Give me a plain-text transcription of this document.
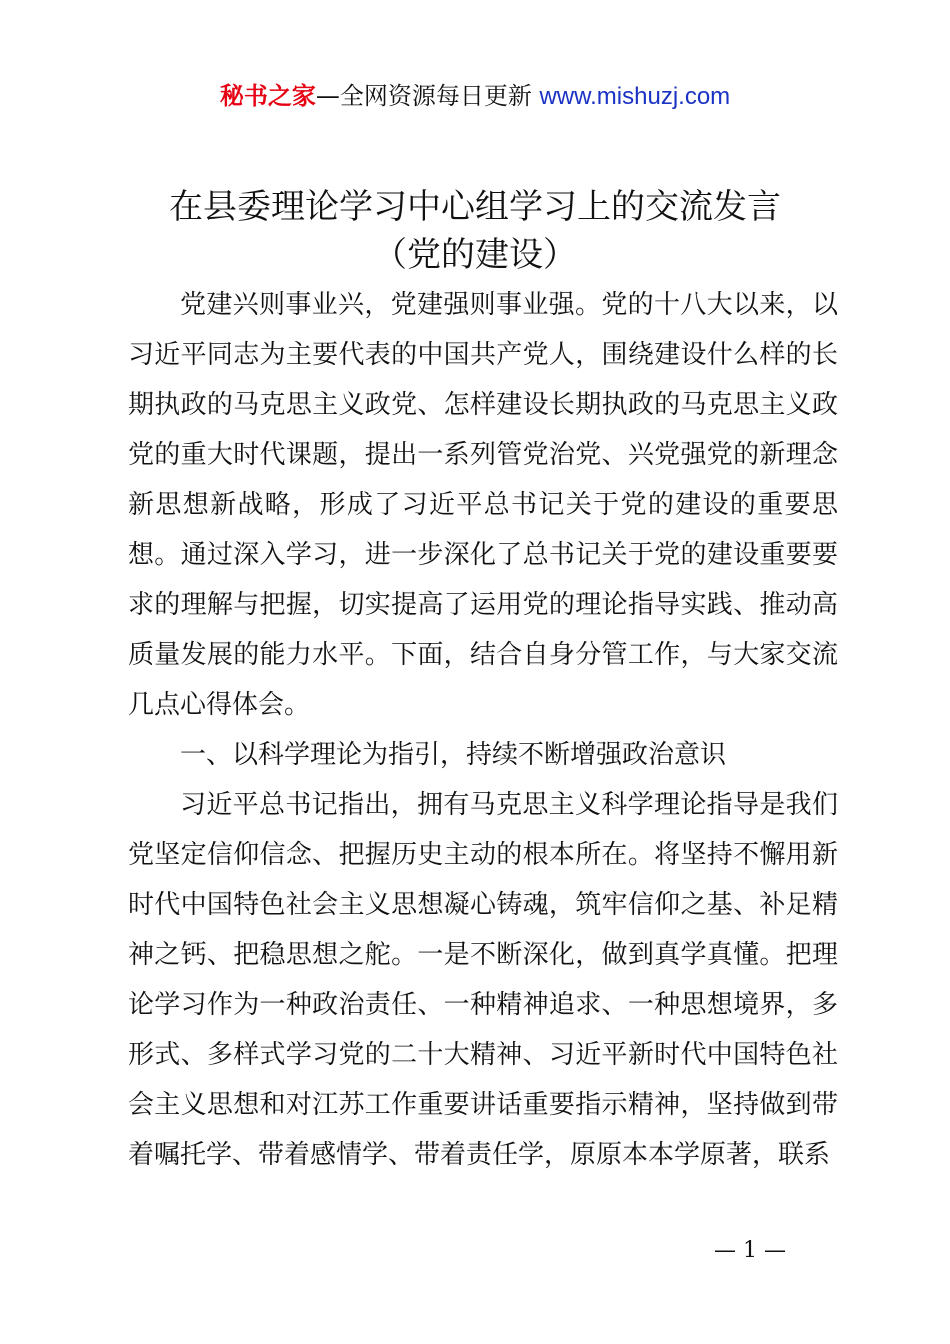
秘书之家—全网资源每日更新 www.mishuzj.com
在县委理论学习中心组学习上的交流发言
（党的建设）

党建兴则事业兴，党建强则事业强。党的十八大以来，以习近平同志为主要代表的中国共产党人，围绕建设什么样的长期执政的马克思主义政党、怎样建设长期执政的马克思主义政党的重大时代课题，提出一系列管党治党、兴党强党的新理念新思想新战略，形成了习近平总书记关于党的建设的重要思想。通过深入学习，进一步深化了总书记关于党的建设重要要求的理解与把握，切实提高了运用党的理论指导实践、推动高质量发展的能力水平。下面，结合自身分管工作，与大家交流几点心得体会。

一、以科学理论为指引，持续不断增强政治意识

习近平总书记指出，拥有马克思主义科学理论指导是我们党坚定信仰信念、把握历史主动的根本所在。将坚持不懈用新时代中国特色社会主义思想凝心铸魂，筑牢信仰之基、补足精神之钙、把稳思想之舵。一是不断深化，做到真学真懂。把理论学习作为一种政治责任、一种精神追求、一种思想境界，多形式、多样式学习党的二十大精神、习近平新时代中国特色社会主义思想和对江苏工作重要讲话重要指示精神，坚持做到带着嘱托学、带着感情学、带着责任学，原原本本学原著，联系

— 1 —
